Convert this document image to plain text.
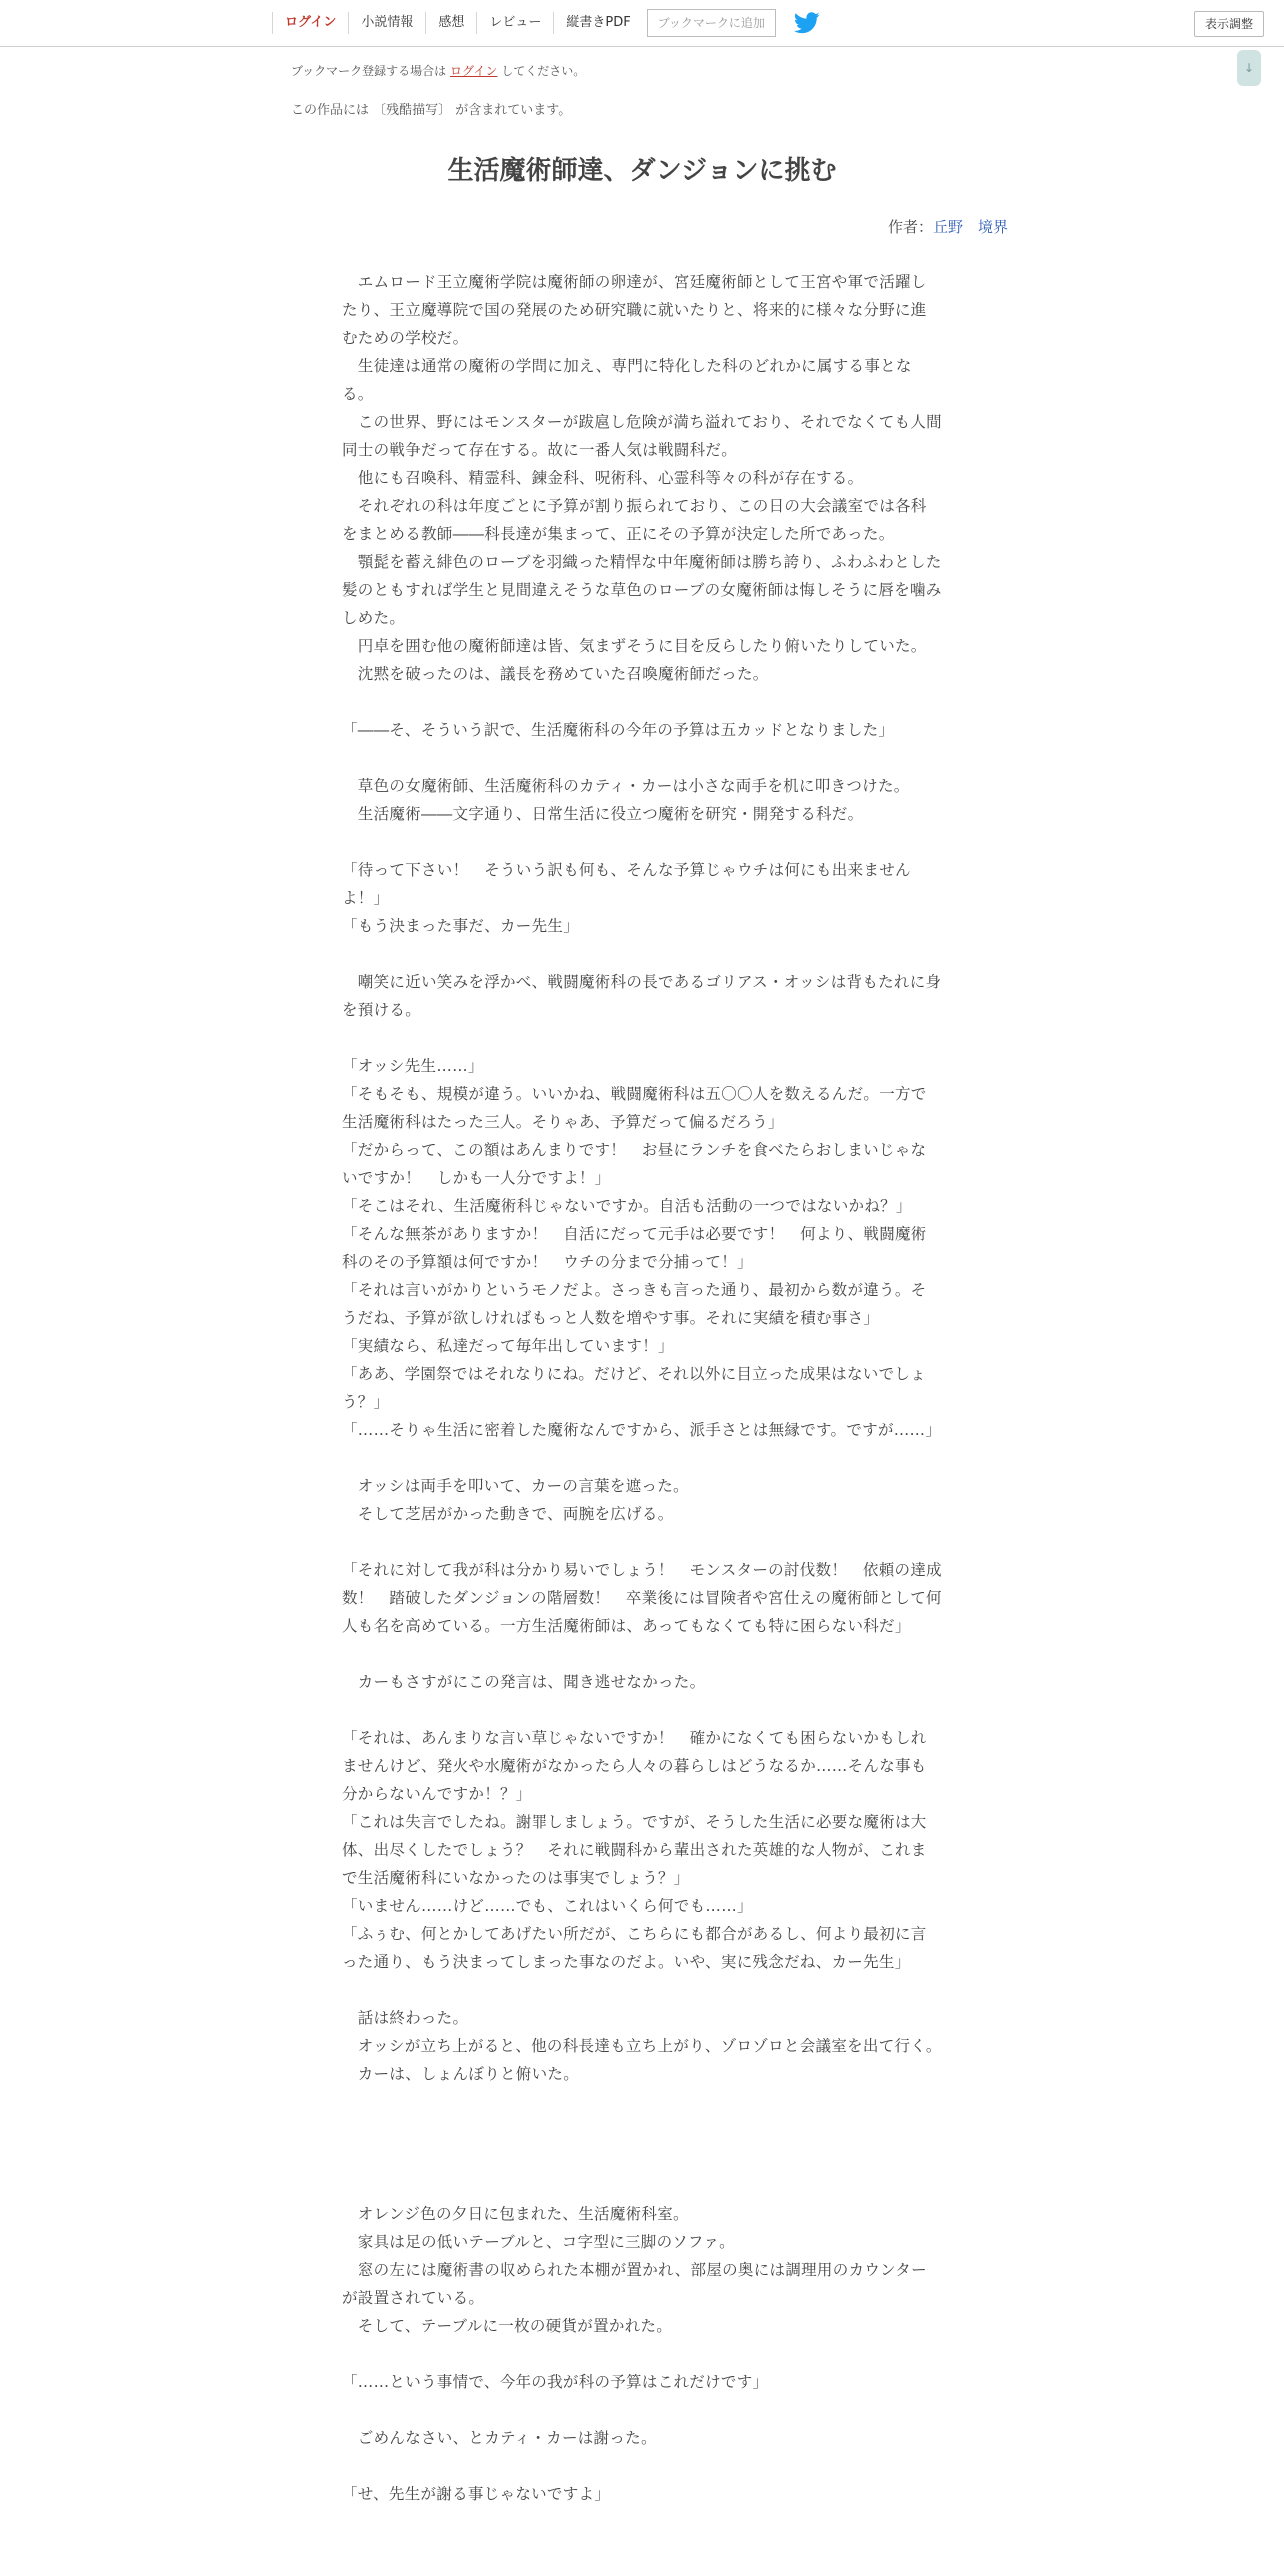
ログイン	小説情報	感想	レビュー	縦書きPDF	ブックマークに追加	表示調整
↓
ブックマーク登録する場合は ログイン してください。
この作品には 〔残酷描写〕 が含まれています。
生活魔術師達、ダンジョンに挑む
作者：丘野　境界

　エムロード王立魔術学院は魔術師の卵達が、宮廷魔術師として王宮や軍で活躍したり、王立魔導院で国の発展のため研究職に就いたりと、将来的に様々な分野に進むための学校だ。

　生徒達は通常の魔術の学問に加え、専門に特化した科のどれかに属する事となる。

　この世界、野にはモンスターが跋扈し危険が満ち溢れており、それでなくても人間同士の戦争だって存在する。故に一番人気は戦闘科だ。

　他にも召喚科、精霊科、錬金科、呪術科、心霊科等々の科が存在する。

　それぞれの科は年度ごとに予算が割り振られており、この日の大会議室では各科をまとめる教師――科長達が集まって、正にその予算が決定した所であった。

　顎髭を蓄え緋色のローブを羽織った精悍な中年魔術師は勝ち誇り、ふわふわとした髪のともすれば学生と見間違えそうな草色のローブの女魔術師は悔しそうに唇を噛みしめた。

　円卓を囲む他の魔術師達は皆、気まずそうに目を反らしたり俯いたりしていた。

　沈黙を破ったのは、議長を務めていた召喚魔術師だった。

「――そ、そういう訳で、生活魔術科の今年の予算は五カッドとなりました」

　草色の女魔術師、生活魔術科のカティ・カーは小さな両手を机に叩きつけた。

　生活魔術――文字通り、日常生活に役立つ魔術を研究・開発する科だ。

「待って下さい！　そういう訳も何も、そんな予算じゃウチは何にも出来ませんよ！」

「もう決まった事だ、カー先生」

　嘲笑に近い笑みを浮かべ、戦闘魔術科の長であるゴリアス・オッシは背もたれに身を預ける。

「オッシ先生……」

「そもそも、規模が違う。いいかね、戦闘魔術科は五〇〇人を数えるんだ。一方で生活魔術科はたった三人。そりゃあ、予算だって偏るだろう」

「だからって、この額はあんまりです！　お昼にランチを食べたらおしまいじゃないですか！　しかも一人分ですよ！」

「そこはそれ、生活魔術科じゃないですか。自活も活動の一つではないかね？」

「そんな無茶がありますか！　自活にだって元手は必要です！　何より、戦闘魔術科のその予算額は何ですか！　ウチの分まで分捕って！」

「それは言いがかりというモノだよ。さっきも言った通り、最初から数が違う。そうだね、予算が欲しければもっと人数を増やす事。それに実績を積む事さ」

「実績なら、私達だって毎年出しています！」

「ああ、学園祭ではそれなりにね。だけど、それ以外に目立った成果はないでしょう？」

「……そりゃ生活に密着した魔術なんですから、派手さとは無縁です。ですが……」

　オッシは両手を叩いて、カーの言葉を遮った。

　そして芝居がかった動きで、両腕を広げる。

「それに対して我が科は分かり易いでしょう！　モンスターの討伐数！　依頼の達成数！　踏破したダンジョンの階層数！　卒業後には冒険者や宮仕えの魔術師として何人も名を高めている。一方生活魔術師は、あってもなくても特に困らない科だ」

　カーもさすがにこの発言は、聞き逃せなかった。

「それは、あんまりな言い草じゃないですか！　確かになくても困らないかもしれませんけど、発火や水魔術がなかったら人々の暮らしはどうなるか……そんな事も分からないんですか！？」

「これは失言でしたね。謝罪しましょう。ですが、そうした生活に必要な魔術は大体、出尽くしたでしょう？　それに戦闘科から輩出された英雄的な人物が、これまで生活魔術科にいなかったのは事実でしょう？」

「いません……けど……でも、これはいくら何でも……」

「ふぅむ、何とかしてあげたい所だが、こちらにも都合があるし、何より最初に言った通り、もう決まってしまった事なのだよ。いや、実に残念だね、カー先生」

　話は終わった。

　オッシが立ち上がると、他の科長達も立ち上がり、ゾロゾロと会議室を出て行く。

　カーは、しょんぼりと俯いた。

　オレンジ色の夕日に包まれた、生活魔術科室。

　家具は足の低いテーブルと、コ字型に三脚のソファ。

　窓の左には魔術書の収められた本棚が置かれ、部屋の奥には調理用のカウンターが設置されている。

　そして、テーブルに一枚の硬貨が置かれた。

「……という事情で、今年の我が科の予算はこれだけです」

　ごめんなさい、とカティ・カーは謝った。

「せ、先生が謝る事じゃないですよ」
